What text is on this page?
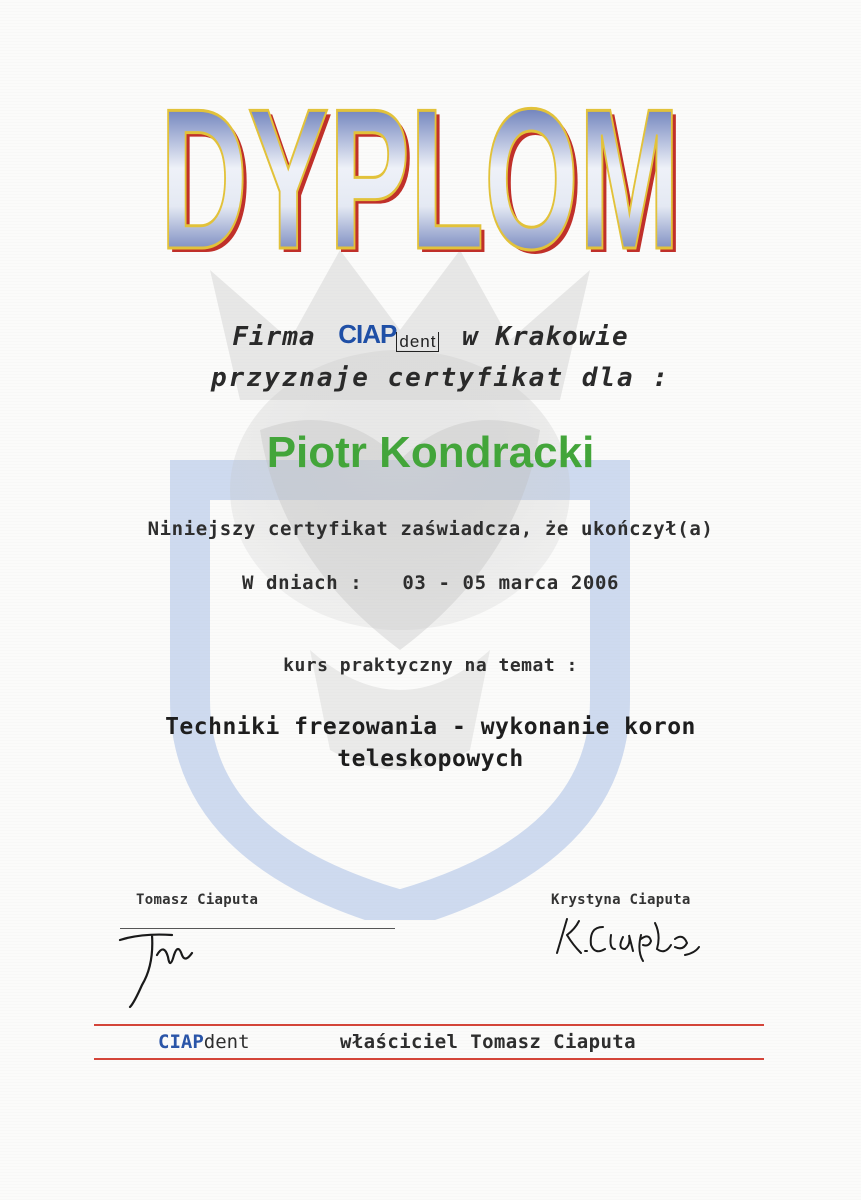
DYPLOM
DYPLOM
Firma CIAP dent w Krakowie
przyznaje certyfikat dla :
Piotr Kondracki
Niniejszy certyfikat zaświadcza, że ukończył(a)
W dniach : 03 - 05 marca 2006
kurs praktyczny na temat :
Techniki frezowania - wykonanie koron
teleskopowych
Tomasz Ciaputa	Krystyna Ciaputa
CIAPdent	właściciel Tomasz Ciaputa
